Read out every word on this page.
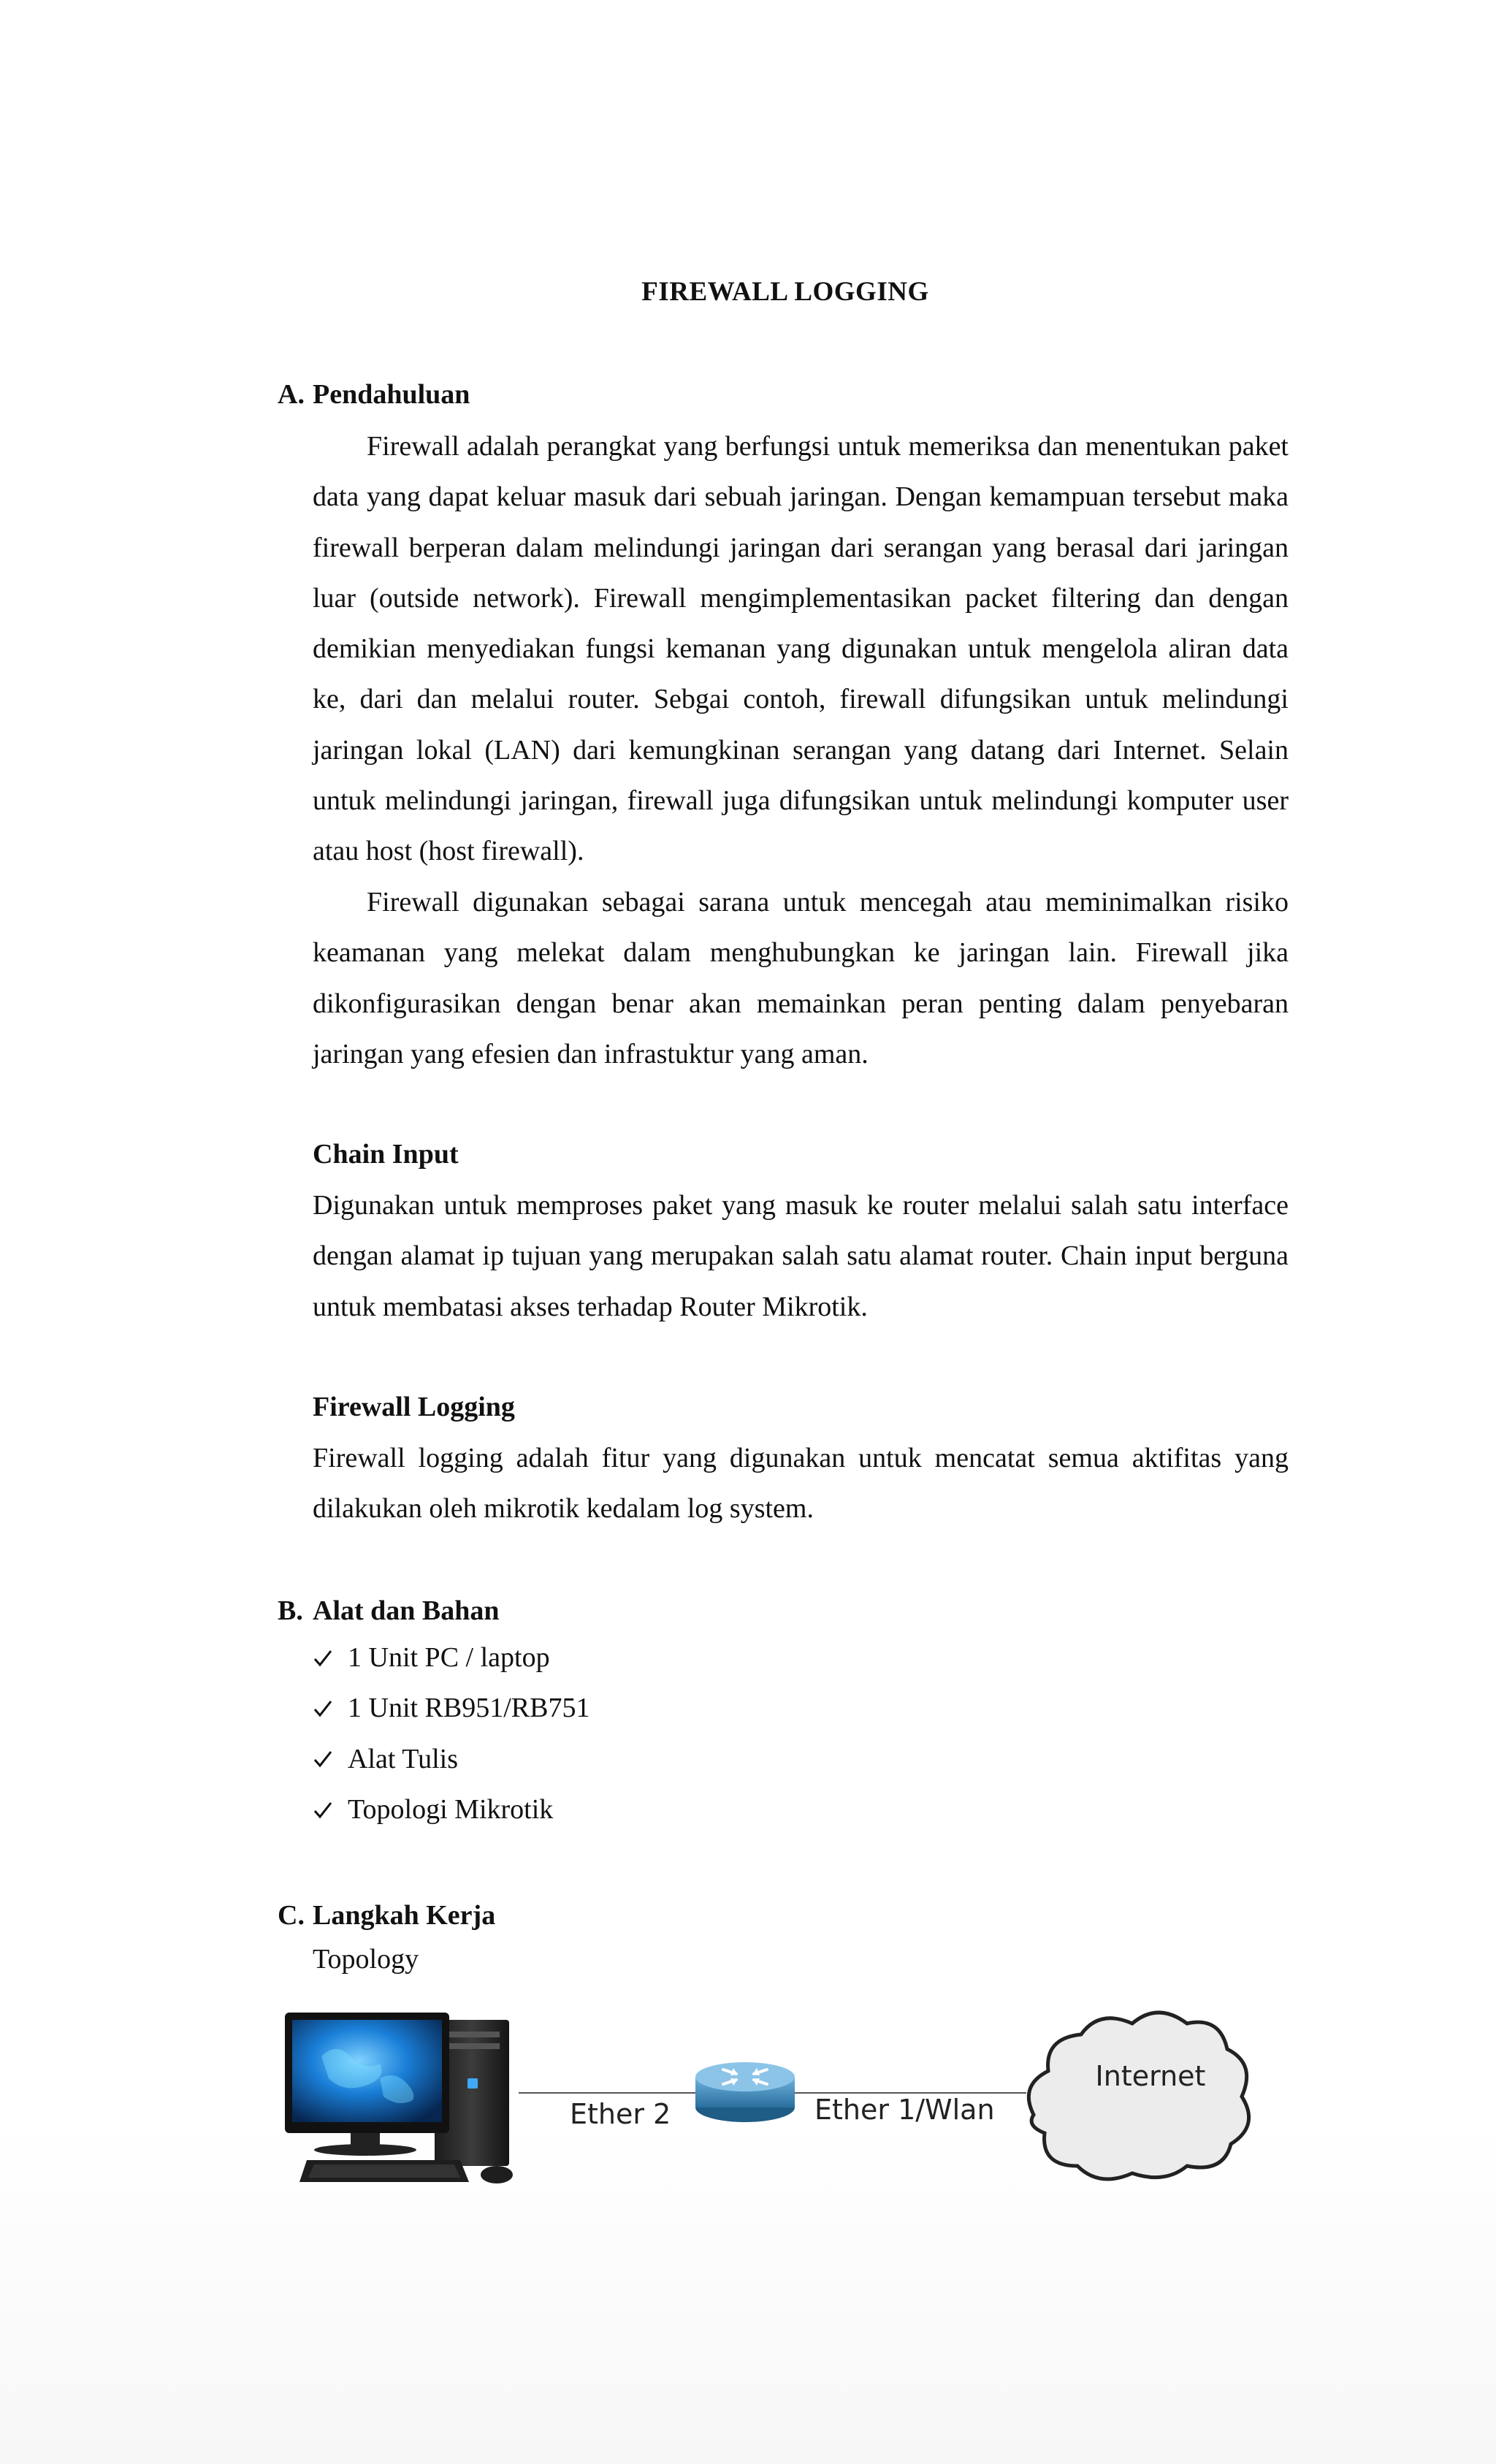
FIREWALL LOGGING
A. Pendahuluan

Firewall adalah perangkat yang berfungsi untuk memeriksa dan menentukan paket data yang dapat keluar masuk dari sebuah jaringan. Dengan kemampuan tersebut maka firewall berperan dalam melindungi jaringan dari serangan yang berasal dari jaringan luar (outside network). Firewall mengimplementasikan packet filtering dan dengan demikian menyediakan fungsi kemanan yang digunakan untuk mengelola aliran data ke, dari dan melalui router. Sebgai contoh, firewall difungsikan untuk melindungi jaringan lokal (LAN) dari kemungkinan serangan yang datang dari Internet. Selain untuk melindungi jaringan, firewall juga difungsikan untuk melindungi komputer user atau host (host firewall).

Firewall digunakan sebagai sarana untuk mencegah atau meminimalkan risiko keamanan yang melekat dalam menghubungkan ke jaringan lain. Firewall jika dikonfigurasikan dengan benar akan memainkan peran penting dalam penyebaran jaringan yang efesien dan infrastuktur yang aman.

Chain Input

Digunakan untuk memproses paket yang masuk ke router melalui salah satu interface dengan alamat ip tujuan yang merupakan salah satu alamat router. Chain input berguna untuk membatasi akses terhadap Router Mikrotik.

Firewall Logging

Firewall logging adalah fitur yang digunakan untuk mencatat semua aktifitas yang dilakukan oleh mikrotik kedalam log system.

B. Alat dan Bahan
1 Unit PC / laptop
1 Unit RB951/RB751
Alat Tulis
Topologi Mikrotik
C. Langkah Kerja
Topology
Internet
Ether 2	Ether 1/Wlan
